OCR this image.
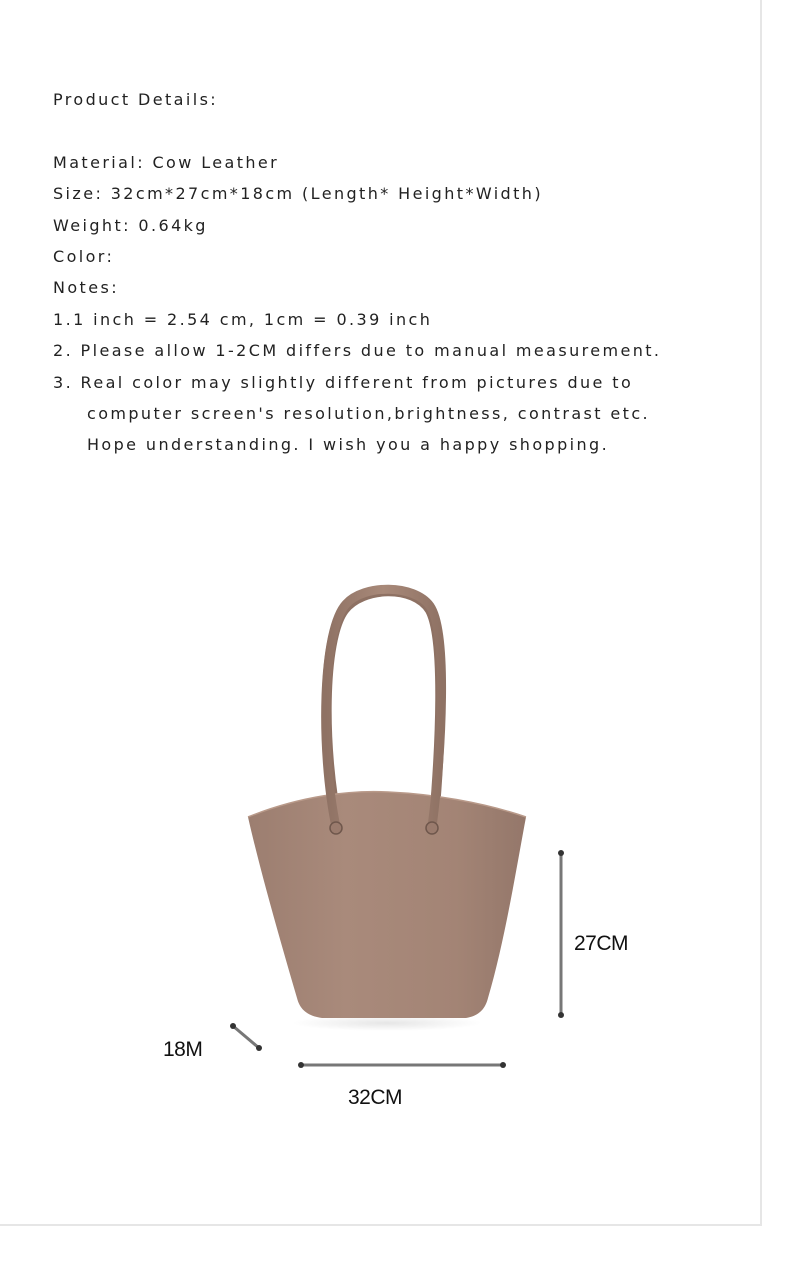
Product Details:
Material: Cow Leather
Size: 32cm*27cm*18cm (Length* Height*Width)
Weight: 0.64kg
Color:
Notes:
1.1 inch = 2.54 cm, 1cm = 0.39 inch
2. Please allow 1-2CM differs due to manual measurement.
3. Real color may slightly different from pictures due to
computer screen's resolution,brightness, contrast etc.
Hope understanding. I wish you a happy shopping.
27CM
18M
32CM
